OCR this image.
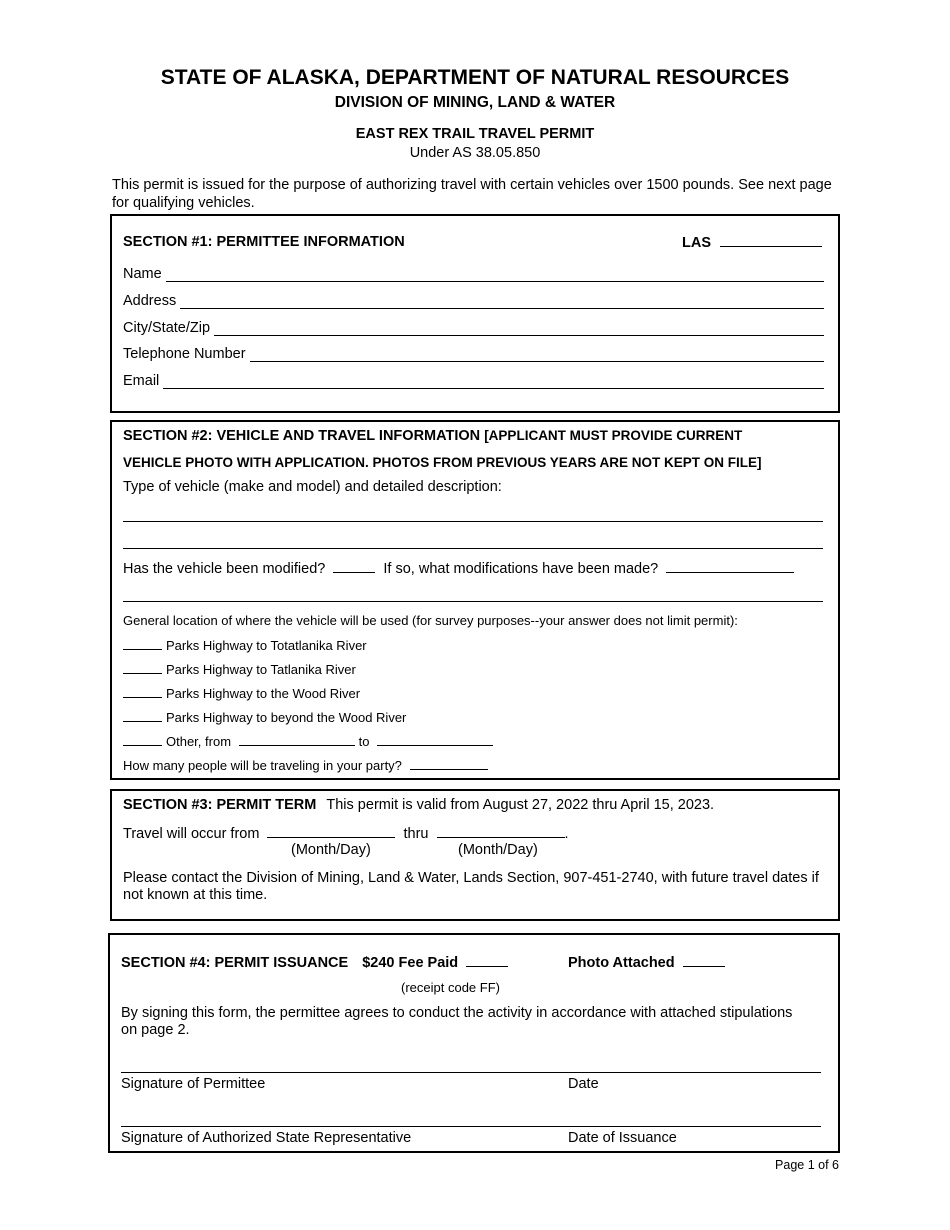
STATE OF ALASKA, DEPARTMENT OF NATURAL RESOURCES
DIVISION OF MINING, LAND & WATER
EAST REX TRAIL TRAVEL PERMIT
Under AS 38.05.850
This permit is issued for the purpose of authorizing travel with certain vehicles over 1500 pounds. See next page for qualifying vehicles.
SECTION #1: PERMITTEE INFORMATION	LAS
Name
Address
City/State/Zip
Telephone Number
Email
SECTION #2: VEHICLE AND TRAVEL INFORMATION [APPLICANT MUST PROVIDE CURRENT
VEHICLE PHOTO WITH APPLICATION. PHOTOS FROM PREVIOUS YEARS ARE NOT KEPT ON FILE]
Type of vehicle (make and model) and detailed description:
Has the vehicle been modified?	If so, what modifications have been made?
General location of where the vehicle will be used (for survey purposes--your answer does not limit permit):
Parks Highway to Totatlanika River
Parks Highway to Tatlanika River
Parks Highway to the Wood River
Parks Highway to beyond the Wood River
Other, from	to
How many people will be traveling in your party?
SECTION #3: PERMIT TERM This permit is valid from August 27, 2022 thru April 15, 2023.
Travel will occur from	thru	.
(Month/Day)	(Month/Day)
Please contact the Division of Mining, Land & Water, Lands Section, 907-451-2740, with future travel dates if not known at this time.
SECTION #4: PERMIT ISSUANCE $240 Fee Paid	Photo Attached
(receipt code FF)
By signing this form, the permittee agrees to conduct the activity in accordance with attached stipulations on page 2.
Signature of Permittee	Date
Signature of Authorized State Representative	Date of Issuance
Page 1 of 6
